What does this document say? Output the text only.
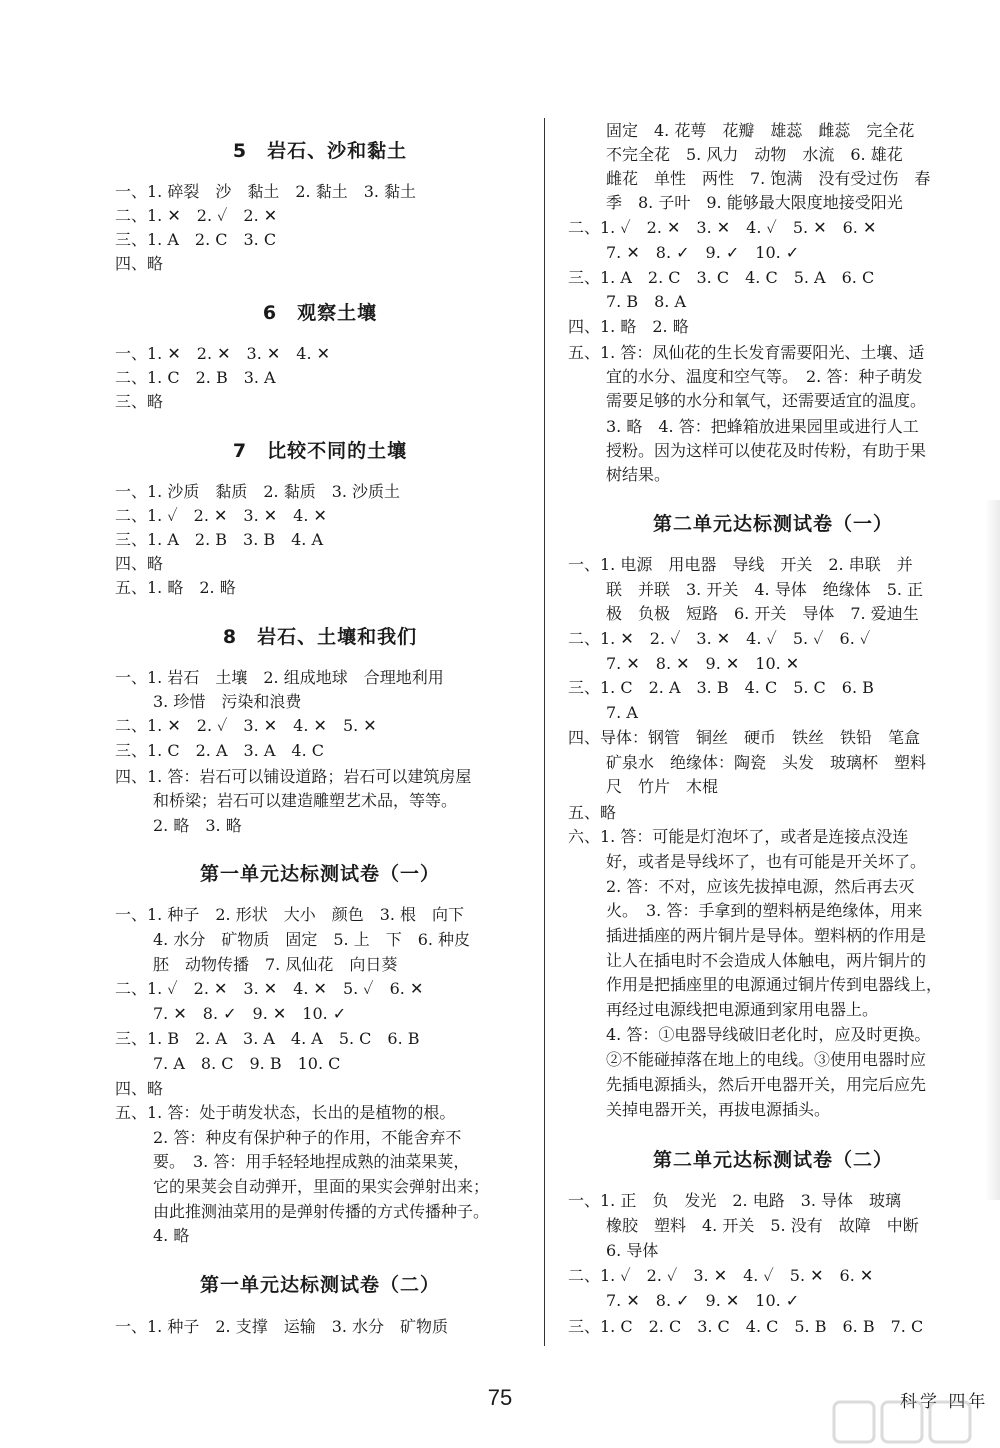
5　岩石、沙和黏土
一、1. 碎裂　沙　黏土　2. 黏土　3. 黏土
二、1. ✕　2. ✓　2. ✕
三、1. A　2. C　3. C
四、略
6　观察土壤
一、1. ✕　2. ✕　3. ✕　4. ✕
二、1. C　2. B　3. A
三、略
7　比较不同的土壤
一、1. 沙质　黏质　2. 黏质　3. 沙质土
二、1. ✓　2. ✕　3. ✕　4. ✕
三、1. A　2. B　3. B　4. A
四、略
五、1. 略　2. 略
8　岩石、土壤和我们
一、1. 岩石　土壤　2. 组成地球　合理地利用
3. 珍惜　污染和浪费
二、1. ✕　2. ✓　3. ✕　4. ✕　5. ✕
三、1. C　2. A　3. A　4. C
四、1. 答：岩石可以铺设道路；岩石可以建筑房屋
和桥梁；岩石可以建造雕塑艺术品，等等。
2. 略　3. 略
第一单元达标测试卷（一）
一、1. 种子　2. 形状　大小　颜色　3. 根　向下
4. 水分　矿物质　固定　5. 上　下　6. 种皮
胚　动物传播　7. 凤仙花　向日葵
二、1. ✓　2. ✕　3. ✕　4. ✕　5. ✓　6. ✕
7. ✕　8. ✓　9. ✕　10. ✓
三、1. B　2. A　3. A　4. A　5. C　6. B
7. A　8. C　9. B　10. C
四、略
五、1. 答：处于萌发状态，长出的是植物的根。
2. 答：种皮有保护种子的作用，不能舍弃不
要。　3. 答：用手轻轻地捏成熟的油菜果荚，
它的果荚会自动弹开，里面的果实会弹射出来；
由此推测油菜用的是弹射传播的方式传播种子。
4. 略
第一单元达标测试卷（二）
一、1. 种子　2. 支撑　运输　3. 水分　矿物质
固定　4. 花萼　花瓣　雄蕊　雌蕊　完全花
不完全花　5. 风力　动物　水流　6. 雄花
雌花　单性　两性　7. 饱满　没有受过伤　春
季　8. 子叶　9. 能够最大限度地接受阳光
二、1. ✓　2. ✕　3. ✕　4. ✓　5. ✕　6. ✕
7. ✕　8. ✓　9. ✓　10. ✓
三、1. A　2. C　3. C　4. C　5. A　6. C
7. B　8. A
四、1. 略　2. 略
五、1. 答：凤仙花的生长发育需要阳光、土壤、适
宜的水分、温度和空气等。　2. 答：种子萌发
需要足够的水分和氧气，还需要适宜的温度。
3. 略　4. 答：把蜂箱放进果园里或进行人工
授粉。因为这样可以使花及时传粉，有助于果
树结果。
第二单元达标测试卷（一）
一、1. 电源　用电器　导线　开关　2. 串联　并
联　并联　3. 开关　4. 导体　绝缘体　5. 正
极　负极　短路　6. 开关　导体　7. 爱迪生
二、1. ✕　2. ✓　3. ✕　4. ✓　5. ✓　6. ✓
7. ✕　8. ✕　9. ✕　10. ✕
三、1. C　2. A　3. B　4. C　5. C　6. B
7. A
四、导体：钢管　铜丝　硬币　铁丝　铁铅　笔盒
矿泉水　绝缘体：陶瓷　头发　玻璃杯　塑料
尺　竹片　木棍
五、略
六、1. 答：可能是灯泡坏了，或者是连接点没连
好，或者是导线坏了，也有可能是开关坏了。
2. 答：不对，应该先拔掉电源，然后再去灭
火。　3. 答：手拿到的塑料柄是绝缘体，用来
插进插座的两片铜片是导体。塑料柄的作用是
让人在插电时不会造成人体触电，两片铜片的
作用是把插座里的电源通过铜片传到电器线上，
再经过电源线把电源通到家用电器上。
4. 答：①电器导线破旧老化时，应及时更换。
②不能碰掉落在地上的电线。③使用电器时应
先插电源插头，然后开电器开关，用完后应先
关掉电器开关，再拔电源插头。
第二单元达标测试卷（二）
一、1. 正　负　发光　2. 电路　3. 导体　玻璃
橡胶　塑料　4. 开关　5. 没有　故障　中断
6. 导体
二、1. ✓　2. ✓　3. ✕　4. ✓　5. ✕　6. ✕
7. ✕　8. ✓　9. ✕　10. ✓
三、1. C　2. C　3. C　4. C　5. B　6. B　7. C
75	科学 四年
